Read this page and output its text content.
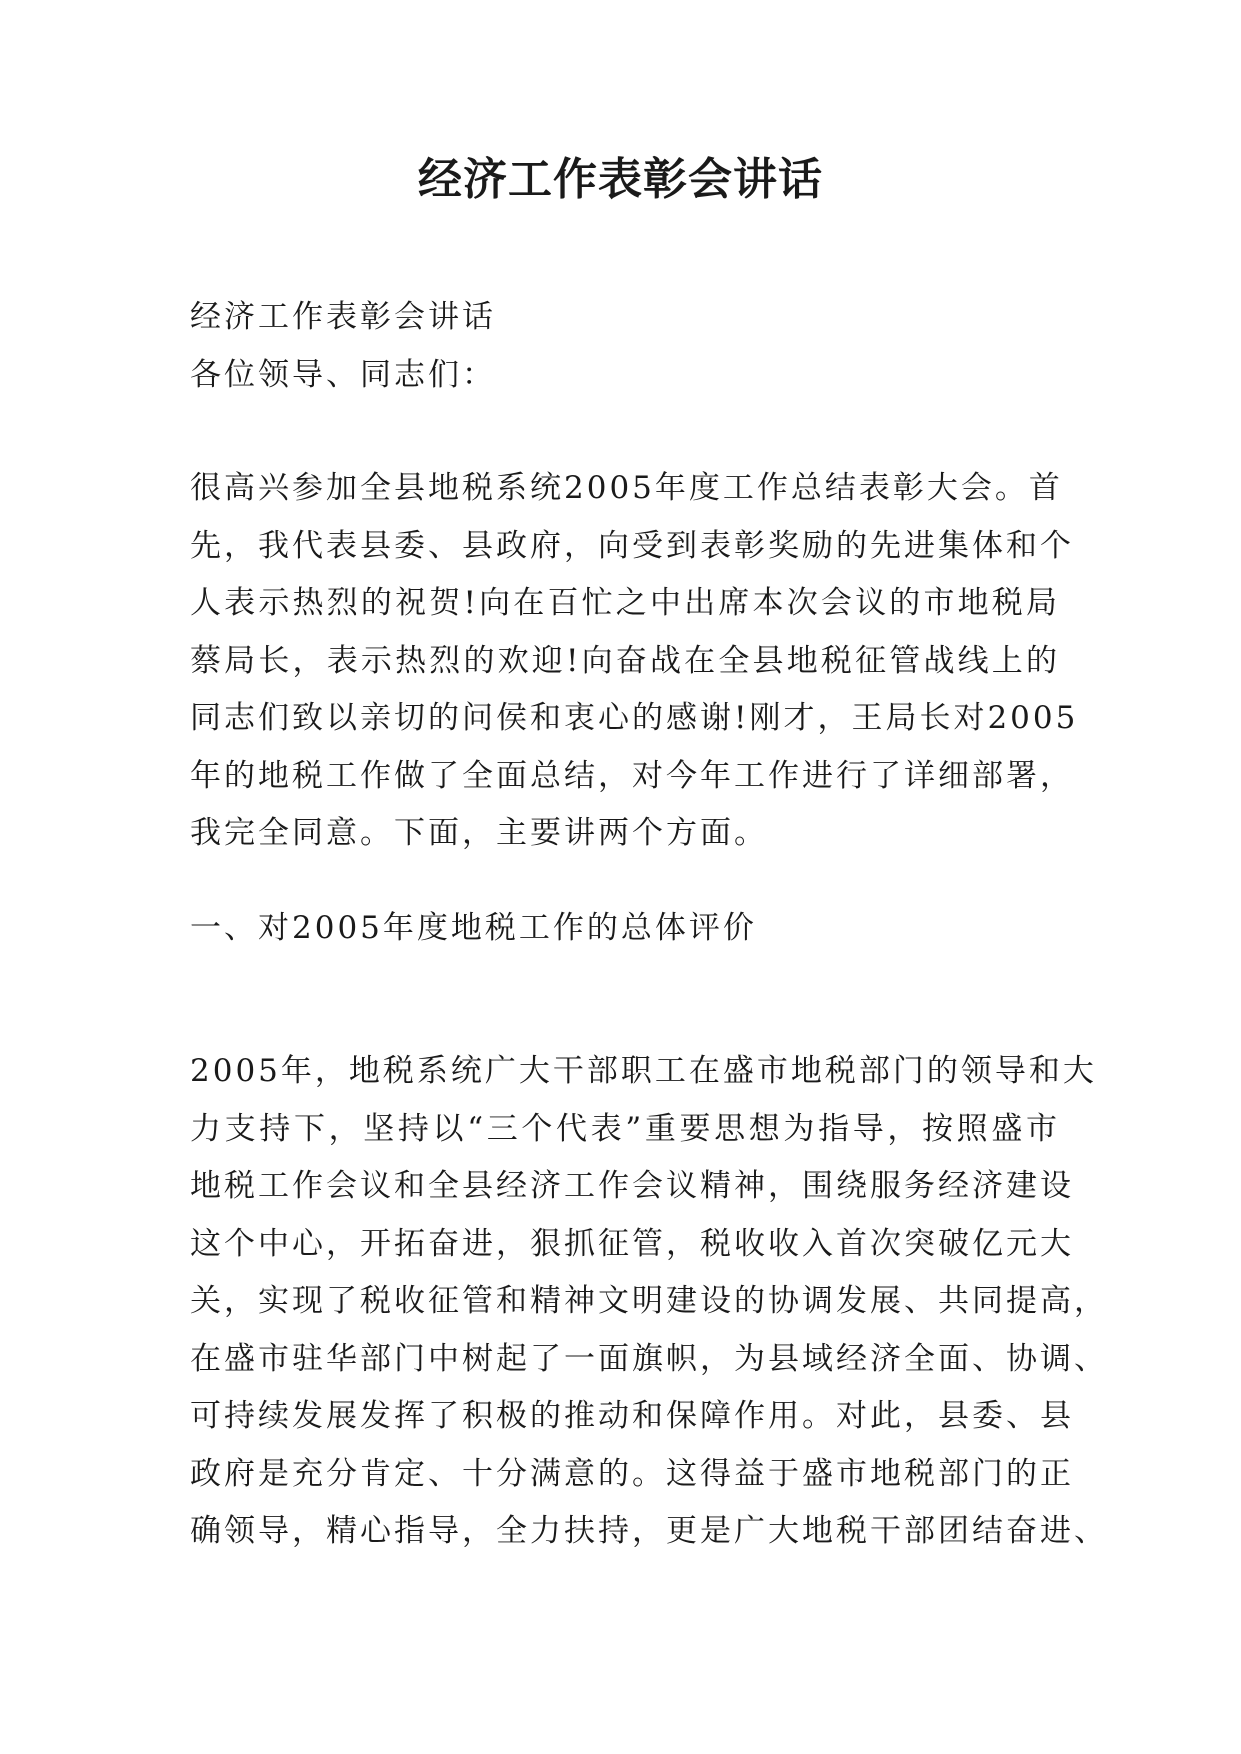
经济工作表彰会讲话
经济工作表彰会讲话
各位领导、同志们：
很高兴参加全县地税系统2005年度工作总结表彰大会。首
先，我代表县委、县政府，向受到表彰奖励的先进集体和个
人表示热烈的祝贺!向在百忙之中出席本次会议的市地税局
蔡局长，表示热烈的欢迎!向奋战在全县地税征管战线上的
同志们致以亲切的问侯和衷心的感谢!刚才，王局长对2005
年的地税工作做了全面总结，对今年工作进行了详细部署，
我完全同意。下面，主要讲两个方面。
一、对2005年度地税工作的总体评价
2005年，地税系统广大干部职工在盛市地税部门的领导和大
力支持下，坚持以“三个代表”重要思想为指导，按照盛市
地税工作会议和全县经济工作会议精神，围绕服务经济建设
这个中心，开拓奋进，狠抓征管，税收收入首次突破亿元大
关，实现了税收征管和精神文明建设的协调发展、共同提高，
在盛市驻华部门中树起了一面旗帜，为县域经济全面、协调、
可持续发展发挥了积极的推动和保障作用。对此，县委、县
政府是充分肯定、十分满意的。这得益于盛市地税部门的正
确领导，精心指导，全力扶持，更是广大地税干部团结奋进、
